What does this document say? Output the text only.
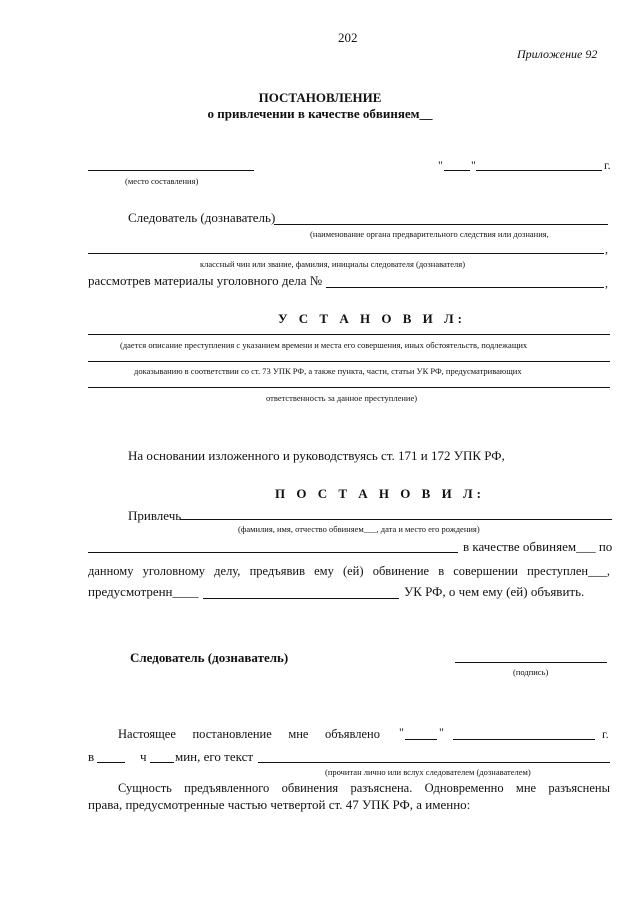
202
Приложение 92
ПОСТАНОВЛЕНИЕ
о привлечении в качестве обвиняем__
(место составления)
" "	г.
Следователь (дознаватель)
(наименование органа предварительного следствия или дознания,
,
классный чин или звание, фамилия, инициалы следователя (дознавателя)
рассмотрев материалы уголовного дела №	,
У С Т А Н О В И Л:
(дается описание преступления с указанием времени и места его совершения, иных обстоятельств, подлежащих
доказыванию в соответствии со ст. 73 УПК РФ, а также пункта, части, статьи УК РФ, предусматривающих
ответственность за данное преступление)
На основании изложенного и руководствуясь ст. 171 и 172 УПК РФ,
П О С Т А Н О В И Л:
Привлечь
(фамилия, имя, отчество обвиняем___, дата и место его рождения)
в качестве обвиняем___ по
данному уголовному делу, предъявив ему (ей) обвинение в совершении преступлен___,
предусмотренн____	УК РФ, о чем ему (ей) объявить.
Следователь (дознаватель)
(подпись)
Настоящее постановление мне объявлено "	"	г.
в	ч мин, его текст
(прочитан лично или вслух следователем (дознавателем)
Сущность предъявленного обвинения разъяснена. Одновременно мне разъяснены
права, предусмотренные частью четвертой ст. 47 УПК РФ, а именно:
